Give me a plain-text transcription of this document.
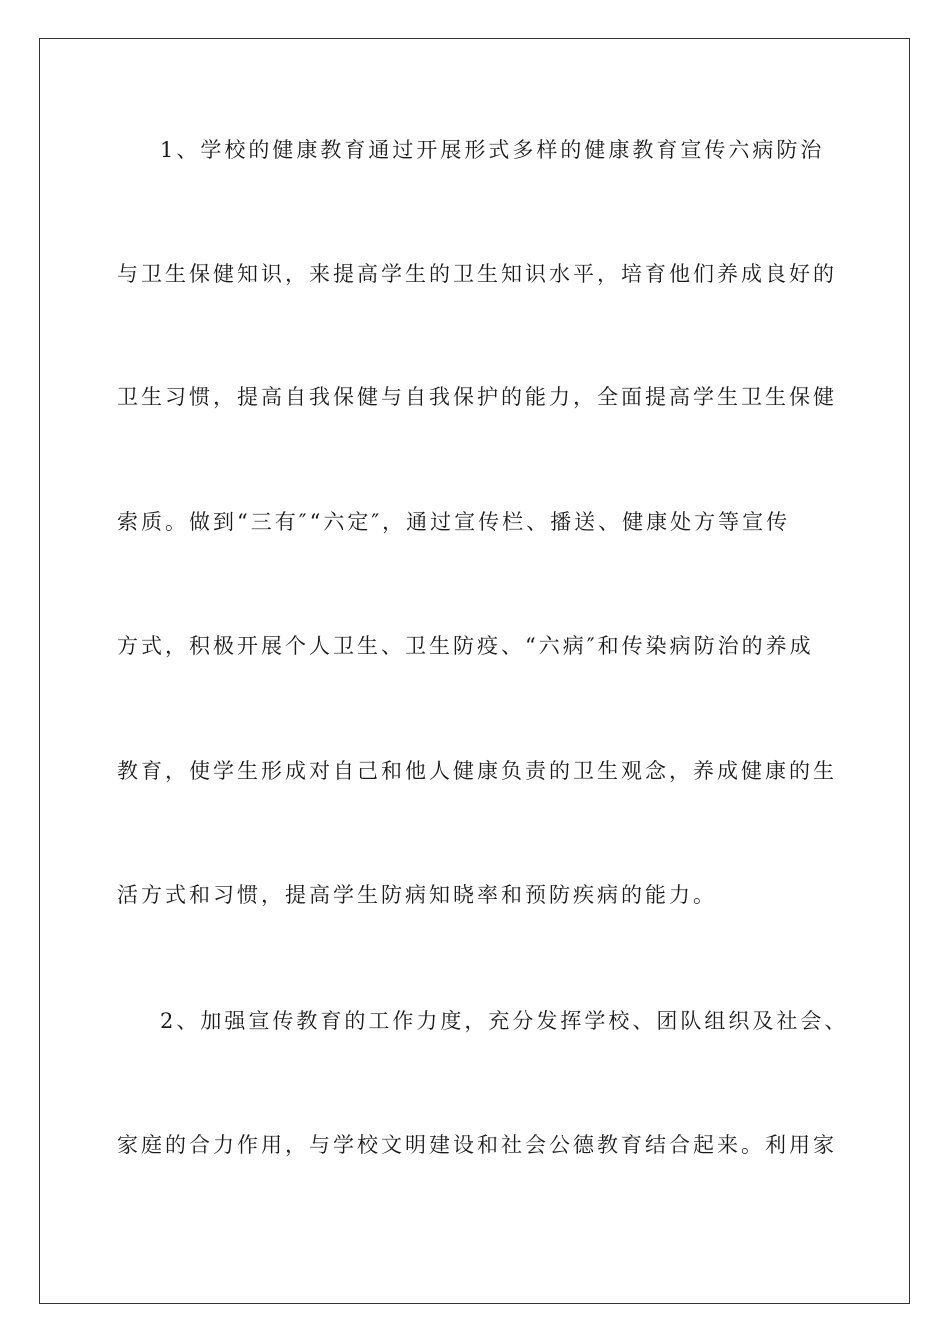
1、学校的健康教育通过开展形式多样的健康教育宣传六病防治
与卫生保健知识，来提高学生的卫生知识水平，培育他们养成良好的
卫生习惯，提高自我保健与自我保护的能力，全面提高学生卫生保健
索质。做到“三有″“六定″，通过宣传栏、播送、健康处方等宣传
方式，积极开展个人卫生、卫生防疫、“六病″和传染病防治的养成
教育，使学生形成对自己和他人健康负责的卫生观念，养成健康的生
活方式和习惯，提高学生防病知晓率和预防疾病的能力。
2、加强宣传教育的工作力度，充分发挥学校、团队组织及社会、
家庭的合力作用，与学校文明建设和社会公德教育结合起来。利用家
